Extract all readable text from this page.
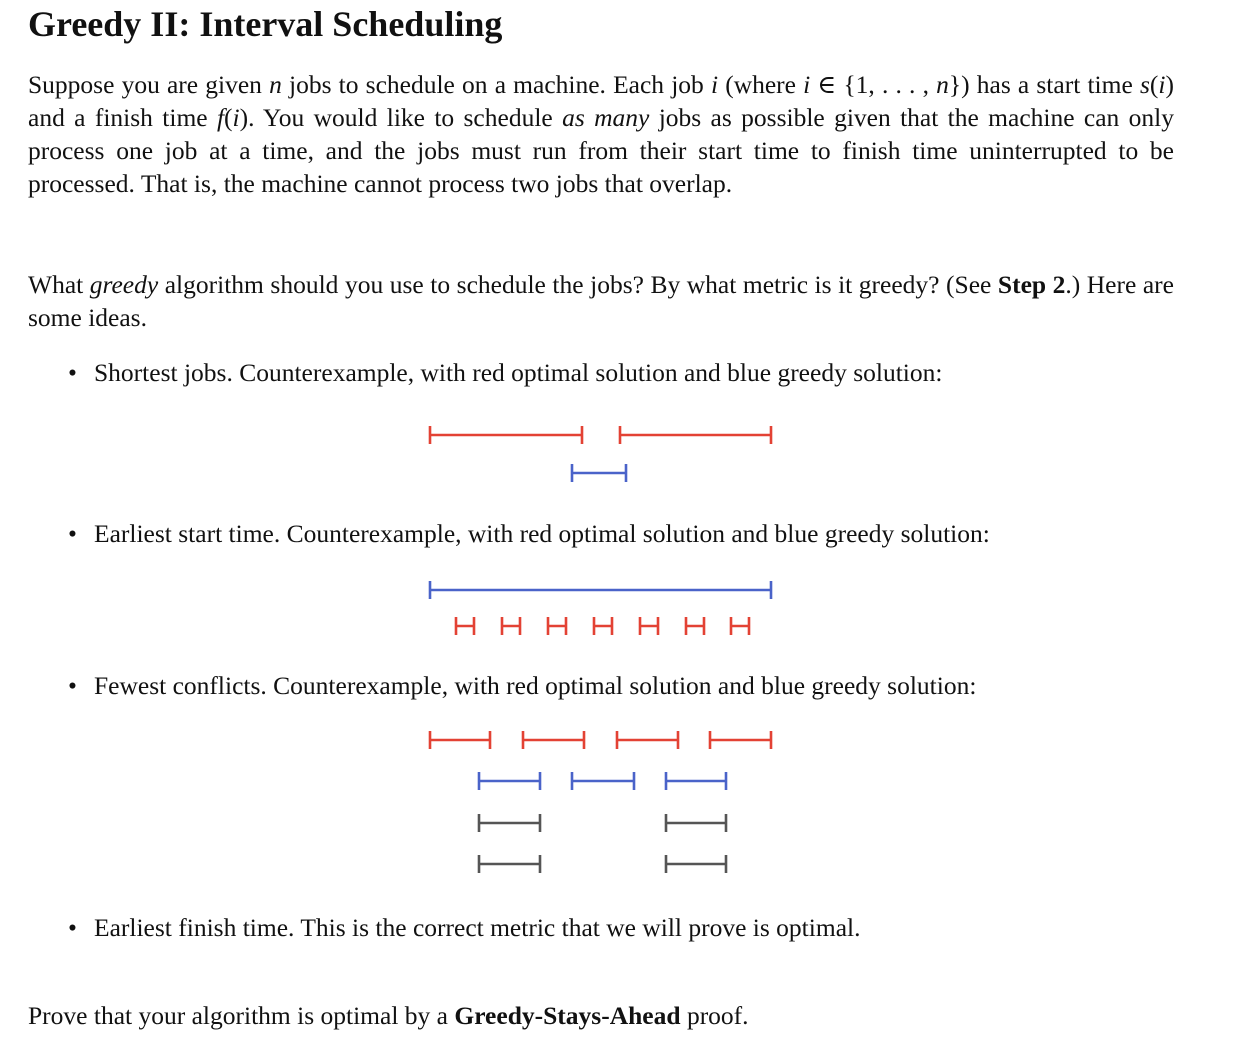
Greedy II: Interval Scheduling

Suppose you are given n jobs to schedule on a machine. Each job i (where i ∈ {1, . . . , n}) has a start time s(i) and a finish time f(i). You would like to schedule as many jobs as possible given that the machine can only process one job at a time, and the jobs must run from their start time to finish time uninterrupted to be processed. That is, the machine cannot process two jobs that overlap.

What greedy algorithm should you use to schedule the jobs? By what metric is it greedy? (See Step 2.) Here are some ideas.

• Shortest jobs. Counterexample, with red optimal solution and blue greedy solution:
• Earliest start time. Counterexample, with red optimal solution and blue greedy solution:
• Fewest conflicts. Counterexample, with red optimal solution and blue greedy solution:
• Earliest finish time. This is the correct metric that we will prove is optimal.

Prove that your algorithm is optimal by a Greedy-Stays-Ahead proof.
